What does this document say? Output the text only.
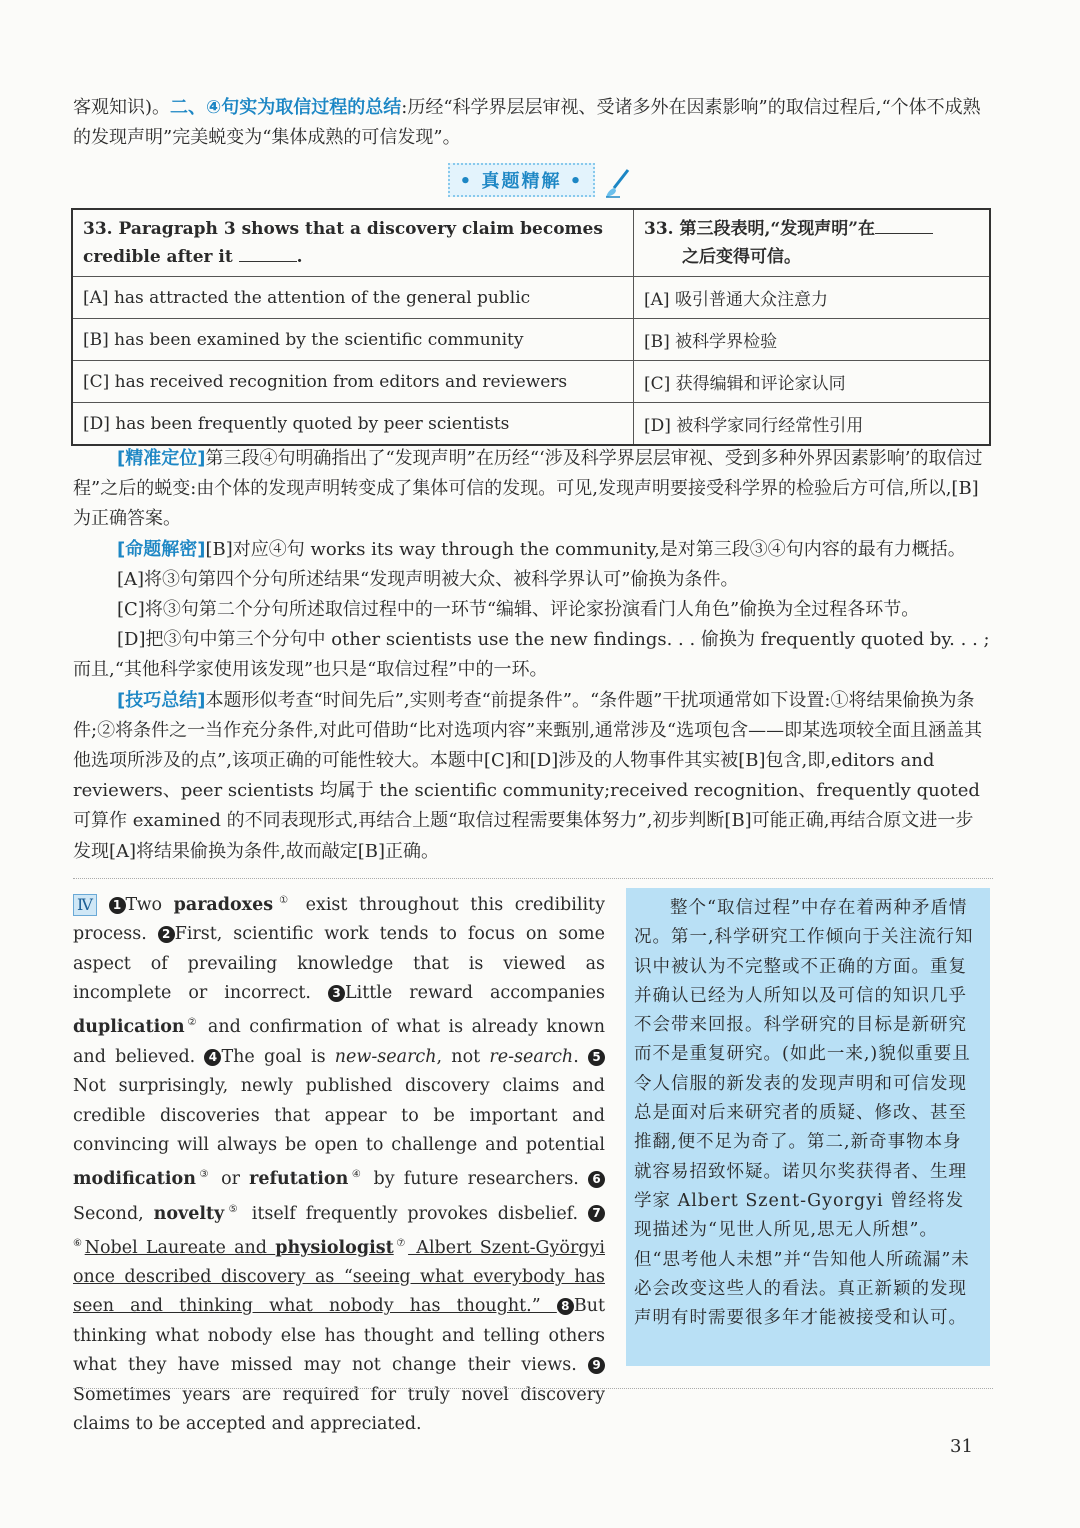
客观知识)。二、④句实为取信过程的总结:历经“科学界层层审视、受诸多外在因素影响”的取信过程后,“个体不成熟的发现声明”完美蜕变为“集体成熟的可信发现”。
• 真题精解 •
33. Paragraph 3 shows that a discovery claim becomes credible after it .	33. 第三段表明,“发现声明”在
之后变得可信。
[A] has attracted the attention of the general public	[A] 吸引普通大众注意力
[B] has been examined by the scientific community	[B] 被科学界检验
[C] has received recognition from editors and reviewers	[C] 获得编辑和评论家认同
[D] has been frequently quoted by peer scientists	[D] 被科学家同行经常性引用

[精准定位]第三段④句明确指出了“发现声明”在历经“‘涉及科学界层层审视、受到多种外界因素影响’的取信过程”之后的蜕变:由个体的发现声明转变成了集体可信的发现。可见,发现声明要接受科学界的检验后方可信,所以,[B]为正确答案。

[命题解密][B]对应④句 works its way through the community,是对第三段③④句内容的最有力概括。

[A]将③句第四个分句所述结果“发现声明被大众、被科学界认可”偷换为条件。

[C]将③句第二个分句所述取信过程中的一环节“编辑、评论家扮演看门人角色”偷换为全过程各环节。

[D]把③句中第三个分句中 other scientists use the new findings. . . 偷换为 frequently quoted by. . . ;而且,“其他科学家使用该发现”也只是“取信过程”中的一环。

[技巧总结]本题形似考查“时间先后”,实则考查“前提条件”。“条件题”干扰项通常如下设置:①将结果偷换为条件;②将条件之一当作充分条件,对此可借助“比对选项内容”来甄别,通常涉及“选项包含——即某选项较全面且涵盖其他选项所涉及的点”,该项正确的可能性较大。本题中[C]和[D]涉及的人物事件其实被[B]包含,即,editors and reviewers、peer scientists 均属于 the scientific community;received recognition、frequently quoted 可算作 examined 的不同表现形式,再结合上题“取信过程需要集体努力”,初步判断[B]可能正确,再结合原文进一步发现[A]将结果偷换为条件,故而敲定[B]正确。

Ⅳ 1 Two paradoxes① exist throughout this credibility process. 2 First, scientific work tends to focus on some aspect of prevailing knowledge that is viewed as incomplete or incorrect. 3 Little reward accompanies duplication② and confirmation of what is already known and believed. 4 The goal is new-search, not re-search. 5Not surprisingly, newly published discovery claims and credible discoveries that appear to be important and convincing will always be open to challenge and potential modification③ or refutation④ by future researchers. 6Second, novelty⑤ itself frequently provokes disbelief. 7⑥Nobel Laureate and physiologist⑦ Albert Szent-Györgyi once described discovery as “seeing what everybody has seen and thinking what nobody has thought.” 8 But thinking what nobody else has thought and telling others what they have missed may not change their views. 9Sometimes years are required for truly novel discovery claims to be accepted and appreciated.

整个“取信过程”中存在着两种矛盾情况。第一,科学研究工作倾向于关注流行知识中被认为不完整或不正确的方面。重复并确认已经为人所知以及可信的知识几乎不会带来回报。科学研究的目标是新研究而不是重复研究。(如此一来,)貌似重要且令人信服的新发表的发现声明和可信发现总是面对后来研究者的质疑、修改、甚至推翻,便不足为奇了。第二,新奇事物本身就容易招致怀疑。诺贝尔奖获得者、生理学家 Albert Szent-Gyorgyi 曾经将发现描述为“见世人所见,思无人所想”。但“思考他人未想”并“告知他人所疏漏”未必会改变这些人的看法。真正新颖的发现声明有时需要很多年才能被接受和认可。

31
